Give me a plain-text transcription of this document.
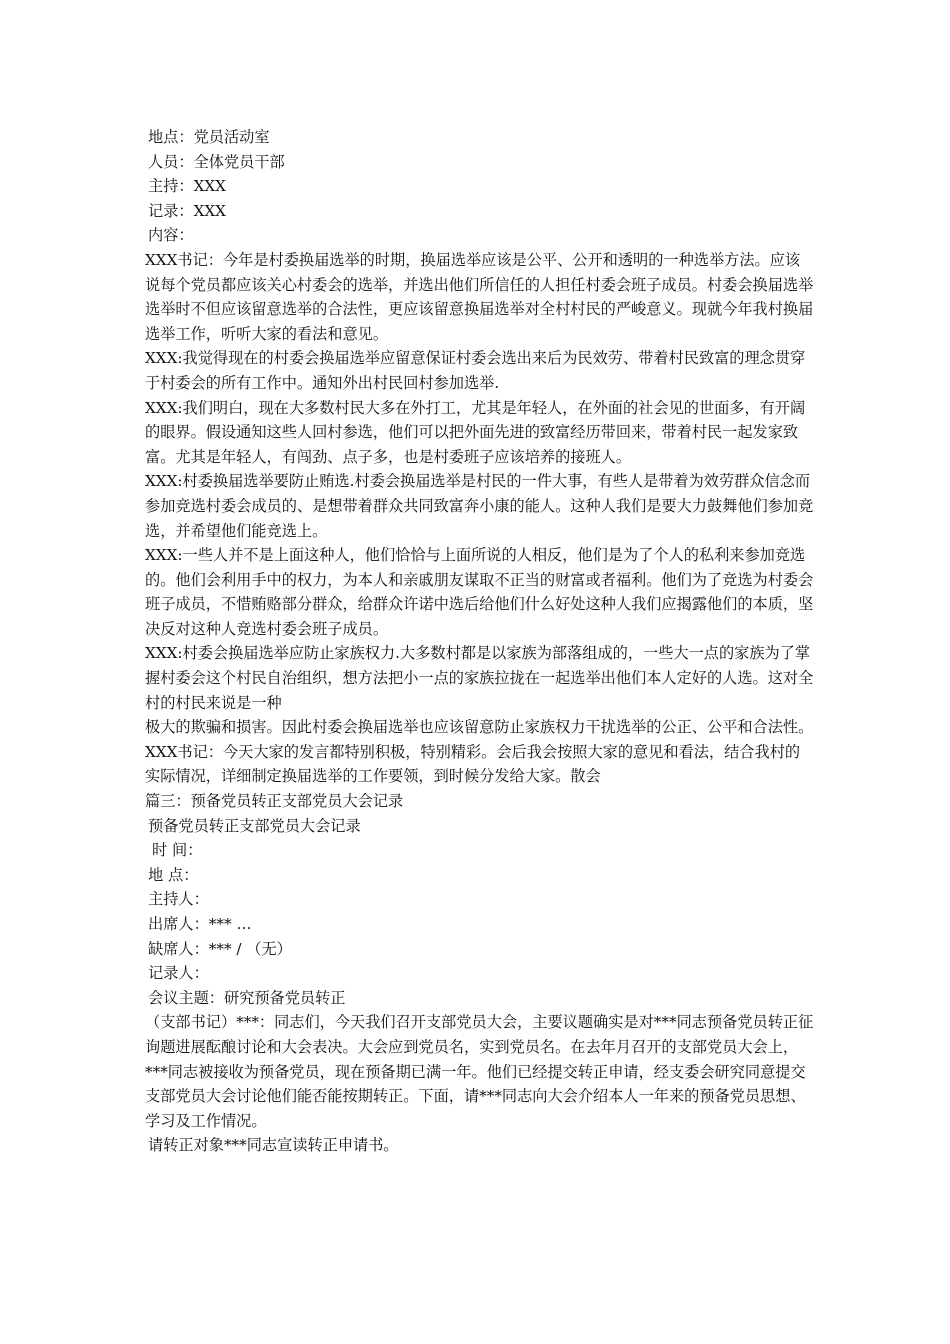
地点：党员活动室
人员：全体党员干部
主持：XXX
记录：XXX
内容：
XXX书记：今年是村委换届选举的时期，换届选举应该是公平、公开和透明的一种选举方法。应该说每个党员都应该关心村委会的选举，并选出他们所信任的人担任村委会班子成员。村委会换届选举选举时不但应该留意选举的合法性，更应该留意换届选举对全村村民的严峻意义。现就今年我村换届选举工作，听听大家的看法和意见。
XXX:我觉得现在的村委会换届选举应留意保证村委会选出来后为民效劳、带着村民致富的理念贯穿于村委会的所有工作中。通知外出村民回村参加选举.
XXX:我们明白，现在大多数村民大多在外打工，尤其是年轻人，在外面的社会见的世面多，有开阔的眼界。假设通知这些人回村参选，他们可以把外面先进的致富经历带回来，带着村民一起发家致富。尤其是年轻人，有闯劲、点子多，也是村委班子应该培养的接班人。
XXX:村委换届选举要防止贿选.村委会换届选举是村民的一件大事，有些人是带着为效劳群众信念而参加竞选村委会成员的、是想带着群众共同致富奔小康的能人。这种人我们是要大力鼓舞他们参加竞选，并希望他们能竞选上。
XXX:一些人并不是上面这种人，他们恰恰与上面所说的人相反，他们是为了个人的私利来参加竞选的。他们会利用手中的权力，为本人和亲戚朋友谋取不正当的财富或者福利。他们为了竞选为村委会班子成员，不惜贿赂部分群众，给群众许诺中选后给他们什么好处这种人我们应揭露他们的本质，坚决反对这种人竞选村委会班子成员。
XXX:村委会换届选举应防止家族权力.大多数村都是以家族为部落组成的，一些大一点的家族为了掌握村委会这个村民自治组织，想方法把小一点的家族拉拢在一起选举出他们本人定好的人选。这对全村的村民来说是一种
极大的欺骗和损害。因此村委会换届选举也应该留意防止家族权力干扰选举的公正、公平和合法性。
XXX书记：今天大家的发言都特别积极，特别精彩。会后我会按照大家的意见和看法，结合我村的实际情况，详细制定换届选举的工作要领，到时候分发给大家。散会
篇三：预备党员转正支部党员大会记录
预备党员转正支部党员大会记录
时 间：
地 点：
主持人：
出席人：*** …
缺席人：*** / （无）
记录人：
会议主题：研究预备党员转正
（支部书记）***：同志们，今天我们召开支部党员大会，主要议题确实是对***同志预备党员转正征询题进展酝酿讨论和大会表决。大会应到党员名，实到党员名。在去年月召开的支部党员大会上，***同志被接收为预备党员，现在预备期已满一年。他们已经提交转正申请，经支委会研究同意提交支部党员大会讨论他们能否能按期转正。下面，请***同志向大会介绍本人一年来的预备党员思想、学习及工作情况。
请转正对象***同志宣读转正申请书。
